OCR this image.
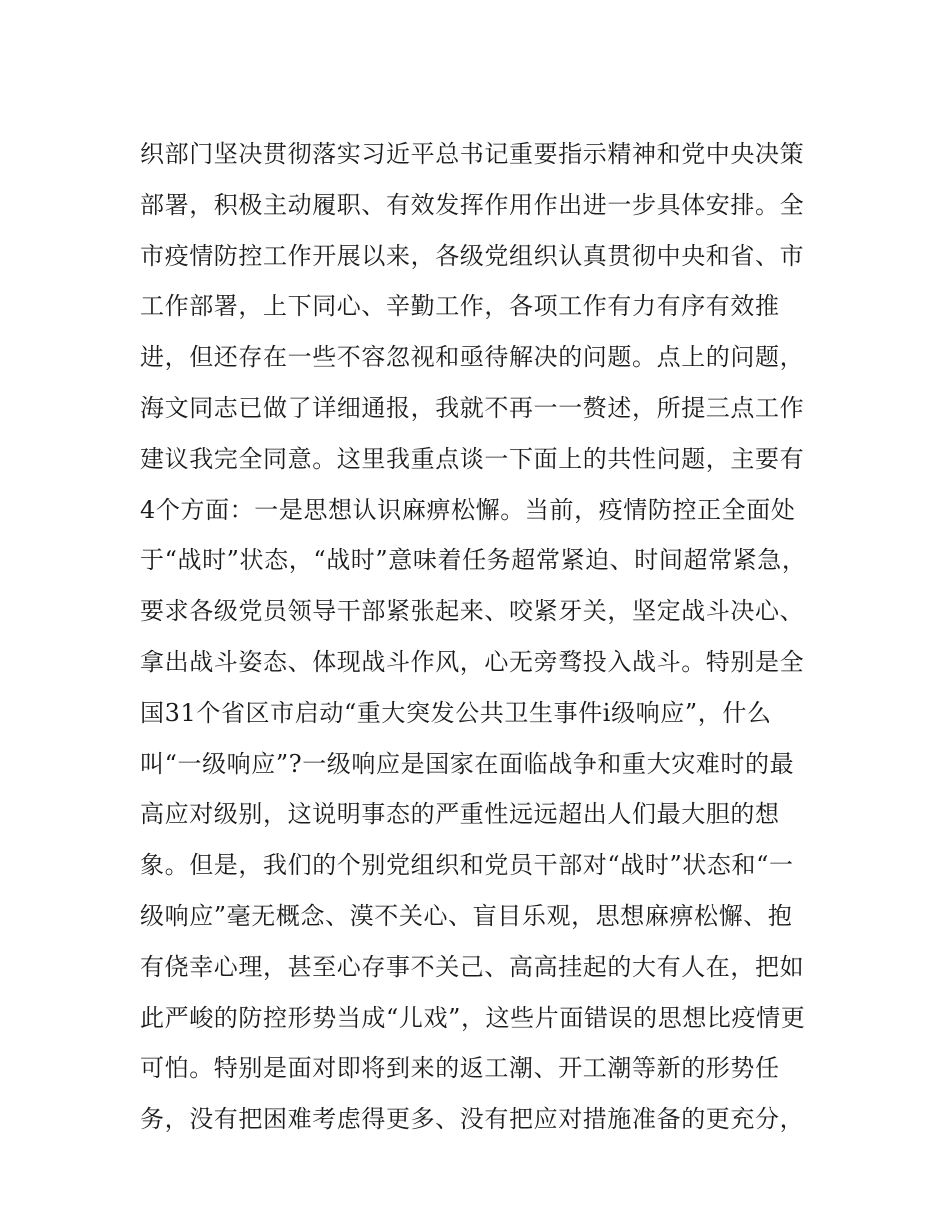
织部门坚决贯彻落实习近平总书记重要指示精神和党中央决策
部署，积极主动履职、有效发挥作用作出进一步具体安排。全
市疫情防控工作开展以来，各级党组织认真贯彻中央和省、市
工作部署，上下同心、辛勤工作，各项工作有力有序有效推
进，但还存在一些不容忽视和亟待解决的问题。点上的问题，
海文同志已做了详细通报，我就不再一一赘述，所提三点工作
建议我完全同意。这里我重点谈一下面上的共性问题，主要有
4个方面：一是思想认识麻痹松懈。当前，疫情防控正全面处
于“战时”状态，“战时”意味着任务超常紧迫、时间超常紧急，
要求各级党员领导干部紧张起来、咬紧牙关，坚定战斗决心、
拿出战斗姿态、体现战斗作风，心无旁骛投入战斗。特别是全
国31个省区市启动“重大突发公共卫生事件ⅰ级响应”，什么
叫“一级响应”?一级响应是国家在面临战争和重大灾难时的最
高应对级别，这说明事态的严重性远远超出人们最大胆的想
象。但是，我们的个别党组织和党员干部对“战时”状态和“一
级响应”毫无概念、漠不关心、盲目乐观，思想麻痹松懈、抱
有侥幸心理，甚至心存事不关己、高高挂起的大有人在，把如
此严峻的防控形势当成“儿戏”，这些片面错误的思想比疫情更
可怕。特别是面对即将到来的返工潮、开工潮等新的形势任
务，没有把困难考虑得更多、没有把应对措施准备的更充分，
